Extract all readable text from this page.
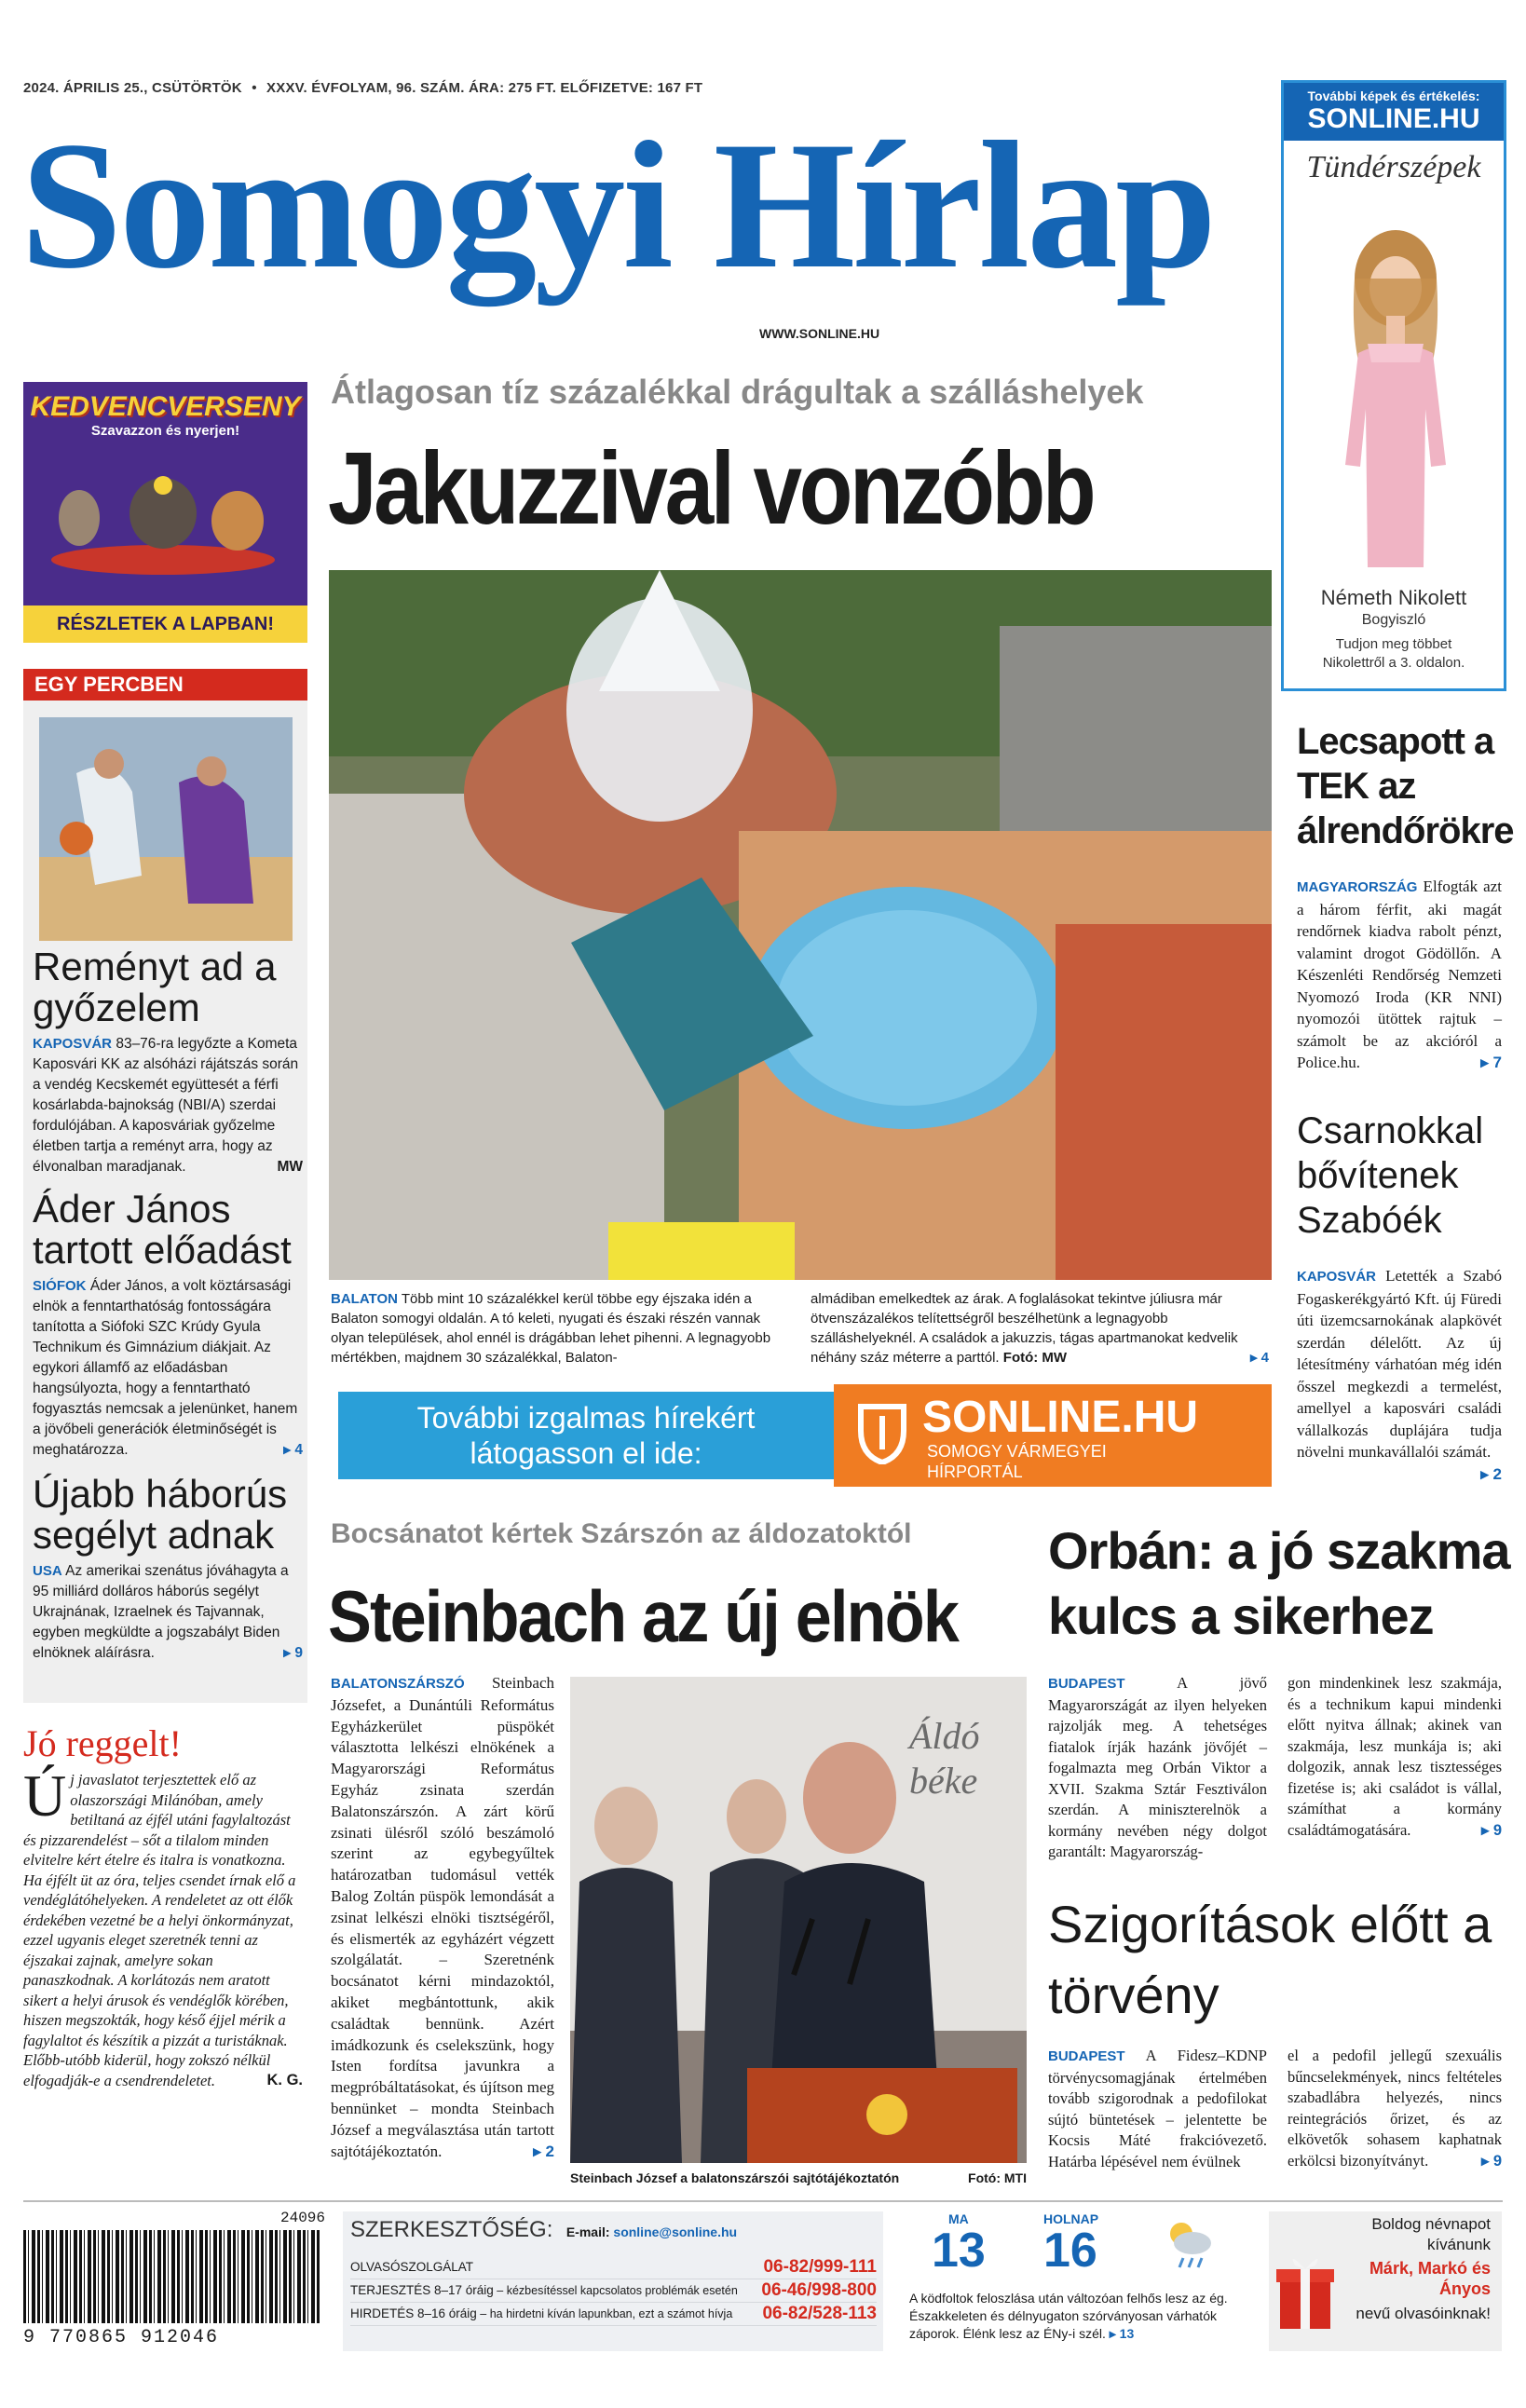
2024. ÁPRILIS 25., CSÜTÖRTÖK • XXXV. ÉVFOLYAM, 96. SZÁM. ÁRA: 275 FT. ELŐFIZETVE: 167 FT
Somogyi Hírlap
WWW.SONLINE.HU
További képek és értékelés:
SONLINE.HU
Tündérszépek
Németh Nikolett
Bogyiszló
Tudjon meg többet
Nikolettről a 3. oldalon.
KEDVENCVERSENY
Szavazzon és nyerjen!
RÉSZLETEK A LAPBAN!
EGY PERCBEN
Reményt ad a győzelem
KAPOSVÁR 83–76-ra legyőzte a Kometa Kaposvári KK az alsóházi rájátszás során a vendég Kecskemét együttesét a férfi kosárlabda-bajnokság (NBI/A) szerdai fordulójában. A kaposváriak győzelme életben tartja a reményt arra, hogy az élvonalban maradjanak.	MW
Áder János tartott előadást
SIÓFOK Áder János, a volt köztársasági elnök a fenntarthatóság fontosságára tanította a Siófoki SZC Krúdy Gyula Technikum és Gimnázium diákjait. Az egykori államfő az előadásban hangsúlyozta, hogy a fenntartható fogyasztás nemcsak a jelenünket, hanem a jövőbeli generációk életminőségét is meghatározza.	▸ 4
Újabb háborús segélyt adnak
USA Az amerikai szenátus jóváhagyta a 95 milliárd dolláros háborús segélyt Ukrajnának, Izraelnek és Tajvannak, egyben megküldte a jogszabályt Biden elnöknek aláírásra.	▸ 9
Jó reggelt!
Új javaslatot terjesztettek elő az olaszországi Milánóban, amely betiltaná az éjfél utáni fagylaltozást és pizzarendelést – sőt a tilalom minden elvitelre kért ételre és italra is vonatkozna. Ha éjfélt üt az óra, teljes csendet írnak elő a vendéglátóhelyeken. A rendeletet az ott élők érdekében vezetné be a helyi önkormányzat, ezzel ugyanis eleget szeretnék tenni az éjszakai zajnak, amelyre sokan panaszkodnak. A korlátozás nem aratott sikert a helyi árusok és vendéglők körében, hiszen megszokták, hogy késő éjjel mérik a fagylaltot és készítik a pizzát a turistáknak. Előbb-utóbb kiderül, hogy zokszó nélkül elfogadják-e a csendrendeletet.	K. G.
Átlagosan tíz százalékkal drágultak a szálláshelyek
Jakuzzival vonzóbb
BALATON Több mint 10 százalékkel kerül többe egy éjszaka idén a Balaton somogyi oldalán. A tó keleti, nyugati és északi részén vannak olyan települések, ahol ennél is drágábban lehet pihenni. A legnagyobb mértékben, majdnem 30 százalékkal, Balaton-
almádiban emelkedtek az árak. A foglalásokat tekintve júliusra már ötvenszázalékos telítettségről beszélhetünk a legnagyobb szálláshelyeknél. A családok a jakuzzis, tágas apartmanokat kedvelik néhány száz méterre a parttól. Fotó: MW	▸ 4
További izgalmas hírekért
látogasson el ide:
SONLINE.HU
SOMOGY VÁRMEGYEI
HÍRPORTÁL
Lecsapott a TEK az álrendőrökre
MAGYARORSZÁG Elfogták azt a három férfit, aki magát rendőrnek kiadva rabolt pénzt, valamint drogot Gödöllőn. A Készenléti Rendőrség Nemzeti Nyomozó Iroda (KR NNI) nyomozói ütöttek rajtuk – számolt be az akcióról a Police.hu.	▸ 7
Csarnokkal bővítenek Szabóék
KAPOSVÁR Letették a Szabó Fogaskerékgyártó Kft. új Füredi úti üzemcsarnokának alapkövét szerdán délelőtt. Az új létesítmény várhatóan még idén ősszel megkezdi a termelést, amellyel a kaposvári családi vállalkozás duplájára tudja növelni munkavállalói számát.
▸ 2
Bocsánatot kértek Szárszón az áldozatoktól
Steinbach az új elnök
BALATONSZÁRSZÓ Steinbach Józsefet, a Dunántúli Református Egyházkerület püspökét választotta lelkészi elnökének a Magyarországi Református Egyház zsinata szerdán Balatonszárszón. A zárt körű zsinati ülésről szóló beszámoló szerint az egybegyűltek határozatban tudomásul vették Balog Zoltán püspök lemondását a zsinat lelkészi elnöki tisztségéről, és elismerték az egyházért végzett szolgálatát. – Szeretnénk bocsánatot kérni mindazoktól, akiket megbántottunk, akik családtak bennünk. Azért imádkozunk és cselekszünk, hogy Isten fordítsa javunkra a megpróbáltatásokat, és újítson meg bennünket – mondta Steinbach József a megválasztása után tartott sajtótájékoztatón.	▸ 2
Áldó béke
Steinbach József a balatonszárszói sajtótájékoztatón	Fotó: MTI
Orbán: a jó szakma kulcs a sikerhez
BUDAPEST A jövő Magyarországát az ilyen helyeken rajzolják meg. A tehetséges fiatalok írják hazánk jövőjét – fogalmazta meg Orbán Viktor a XVII. Szakma Sztár Fesztiválon szerdán. A miniszterelnök a kormány nevében négy dolgot garantált: Magyarország-
gon mindenkinek lesz szakmája, és a technikum kapui mindenki előtt nyitva állnak; akinek van szakmája, lesz munkája is; aki dolgozik, annak lesz tisztességes fizetése is; aki családot is vállal, számíthat a kormány családtámogatására.	▸ 9
Szigorítások előtt a törvény
BUDAPEST A Fidesz–KDNP törvénycsomagjának értelmében tovább szigorodnak a pedofilokat sújtó büntetések – jelentette be Kocsis Máté frakcióvezető. Határba lépésével nem évülnek
el a pedofil jellegű szexuális bűncselekmények, nincs feltételes szabadlábra helyezés, nincs reintegrációs őrizet, és az elkövetők sohasem kaphatnak erkölcsi bizonyítványt.	▸ 9
24096
9 770865 912046
SZERKESZTŐSÉG: E-mail: sonline@sonline.hu
OLVASÓSZOLGÁLAT	06-82/999-111
TERJESZTÉS 8–17 óráig – kézbesítéssel kapcsolatos problémák esetén 06-46/998-800
HIRDETÉS 8–16 óráig – ha hirdetni kíván lapunkban, ezt a számot hívja 06-82/528-113
MA
13
HOLNAP
16
A ködfoltok feloszlása után változóan felhős lesz az ég. Északkeleten és délnyugaton szórványosan várhatók záporok. Élénk lesz az ÉNy-i szél. ▸ 13
Boldog névnapot
kívánunk
Márk, Markó és Ányos
nevű olvasóinknak!
